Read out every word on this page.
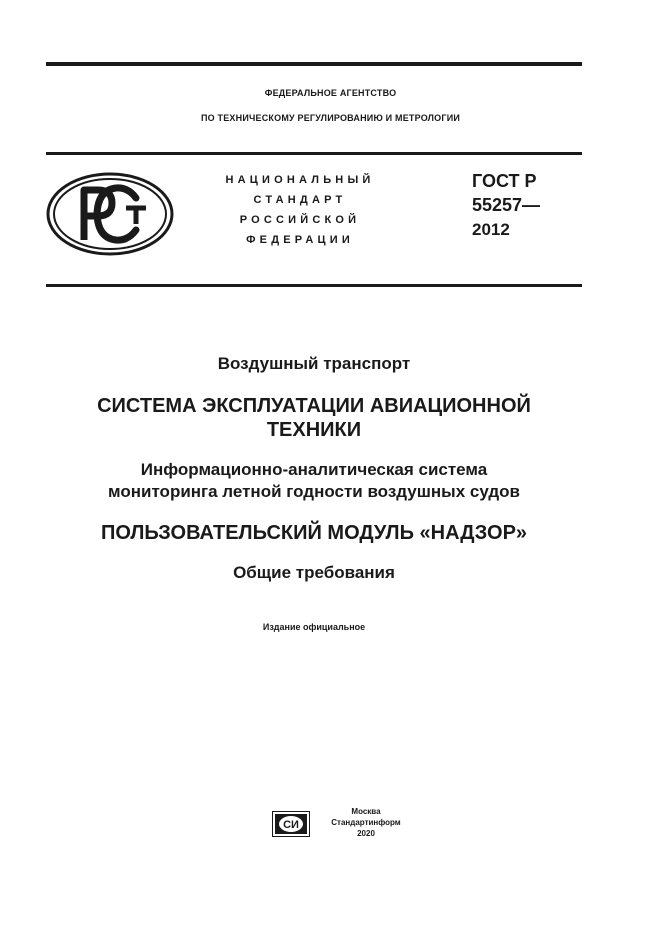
ФЕДЕРАЛЬНОЕ АГЕНТСТВО
ПО ТЕХНИЧЕСКОМУ РЕГУЛИРОВАНИЮ И МЕТРОЛОГИИ
НАЦИОНАЛЬНЫЙ
СТАНДАРТ
РОССИЙСКОЙ
ФЕДЕРАЦИИ
ГОСТ Р
55257—
2012
Воздушный транспорт
СИСТЕМА ЭКСПЛУАТАЦИИ АВИАЦИОННОЙ
ТЕХНИКИ
Информационно-аналитическая система
мониторинга летной годности воздушных судов
ПОЛЬЗОВАТЕЛЬСКИЙ МОДУЛЬ «НАДЗОР»
Общие требования
Издание официальное
СИ
Москва
Стандартинформ
2020
